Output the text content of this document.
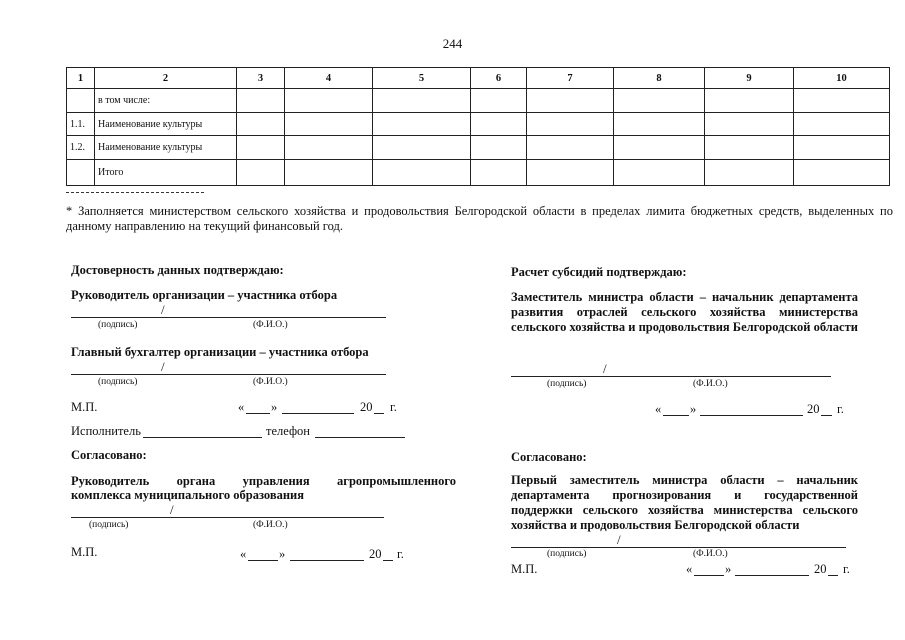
244
1	2	3	4	5	6	7	8	9	10
	в том числе:								
1.1.	Наименование культуры								
1.2.	Наименование культуры								
	Итого								
* Заполняется министерством сельского хозяйства и продовольствия Белгородской области в пределах лимита бюджетных средств, выделенных по данному направлению на текущий финансовый год.
Достоверность данных подтверждаю:
Руководитель организации – участника отбора
/
(подпись)	(Ф.И.О.)
Главный бухгалтер организации – участника отбора
/
(подпись)	(Ф.И.О.)
М.П.	« »	20 г.
Исполнитель	телефон
Согласовано:
Руководитель органа управления агропромышленного
комплекса муниципального образования
/
(подпись)	(Ф.И.О.)
М.П.	«	»	20 г.
Расчет субсидий подтверждаю:
Заместитель министра области – начальник департамента развития отраслей сельского хозяйства министерства сельского хозяйства и продовольствия Белгородской области
/
(подпись)	(Ф.И.О.)
« »	20 г.
Согласовано:
Первый заместитель министра области – начальник департамента прогнозирования и государственной поддержки сельского хозяйства министерства сельского хозяйства и продовольствия Белгородской области
/
(подпись)	(Ф.И.О.)
М.П.	«	»	20 г.
